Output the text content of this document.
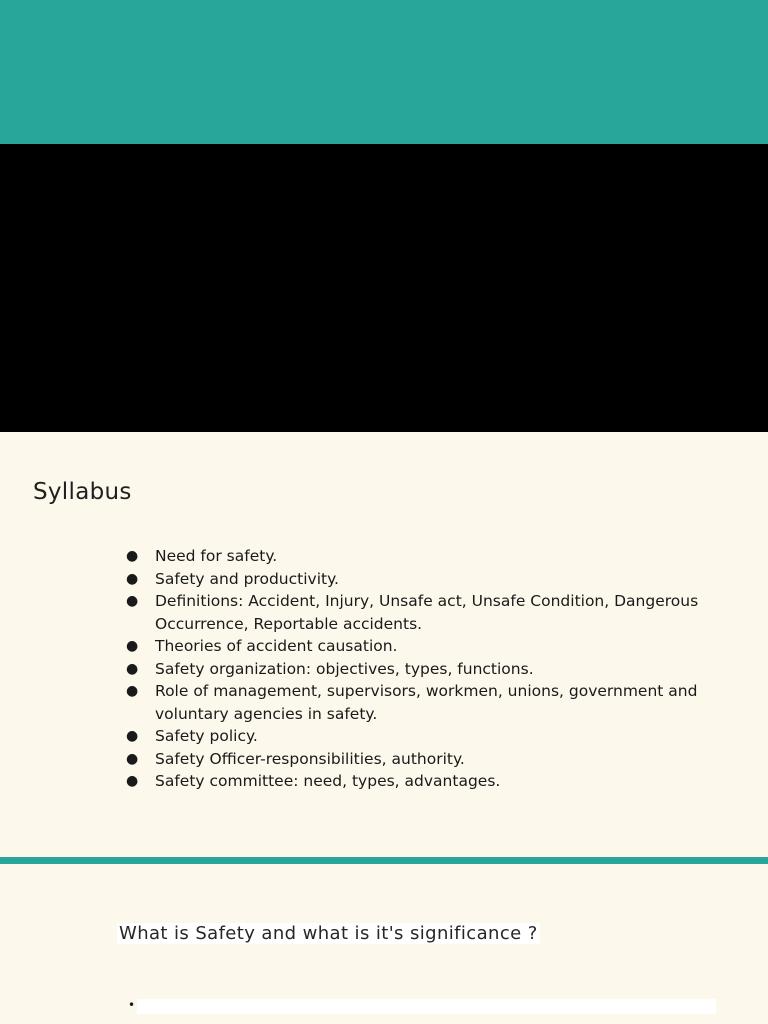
Syllabus
● Need for safety.
● Safety and productivity.
● Definitions: Accident, Injury, Unsafe act, Unsafe Condition, Dangerous Occurrence, Reportable accidents.
● Theories of accident causation.
● Safety organization: objectives, types, functions.
● Role of management, supervisors, workmen, unions, government and voluntary agencies in safety.
● Safety policy.
● Safety Officer-responsibilities, authority.
● Safety committee: need, types, advantages.
What is Safety and what is it's significance ?
•
